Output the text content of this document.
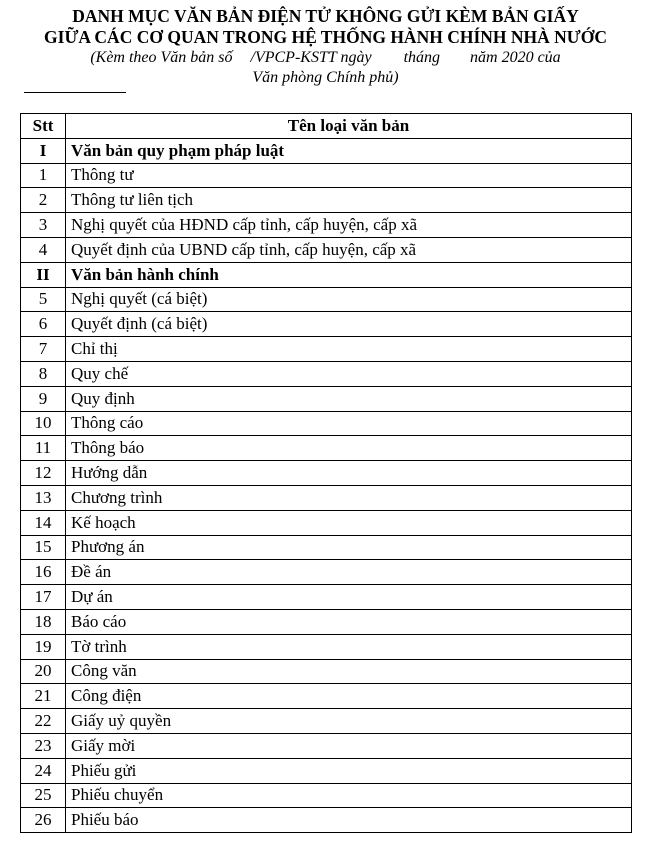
DANH MỤC VĂN BẢN ĐIỆN TỬ KHÔNG GỬI KÈM BẢN GIẤY
GIỮA CÁC CƠ QUAN TRONG HỆ THỐNG HÀNH CHÍNH NHÀ NƯỚC
(Kèm theo Văn bản số /VPCP-KSTT ngày tháng năm 2020 của
Văn phòng Chính phủ)
Stt	Tên loại văn bản
I	Văn bản quy phạm pháp luật
1	Thông tư
2	Thông tư liên tịch
3	Nghị quyết của HĐND cấp tỉnh, cấp huyện, cấp xã
4	Quyết định của UBND cấp tỉnh, cấp huyện, cấp xã
II	Văn bản hành chính
5	Nghị quyết (cá biệt)
6	Quyết định (cá biệt)
7	Chỉ thị
8	Quy chế
9	Quy định
10	Thông cáo
11	Thông báo
12	Hướng dẫn
13	Chương trình
14	Kế hoạch
15	Phương án
16	Đề án
17	Dự án
18	Báo cáo
19	Tờ trình
20	Công văn
21	Công điện
22	Giấy uỷ quyền
23	Giấy mời
24	Phiếu gửi
25	Phiếu chuyển
26	Phiếu báo
